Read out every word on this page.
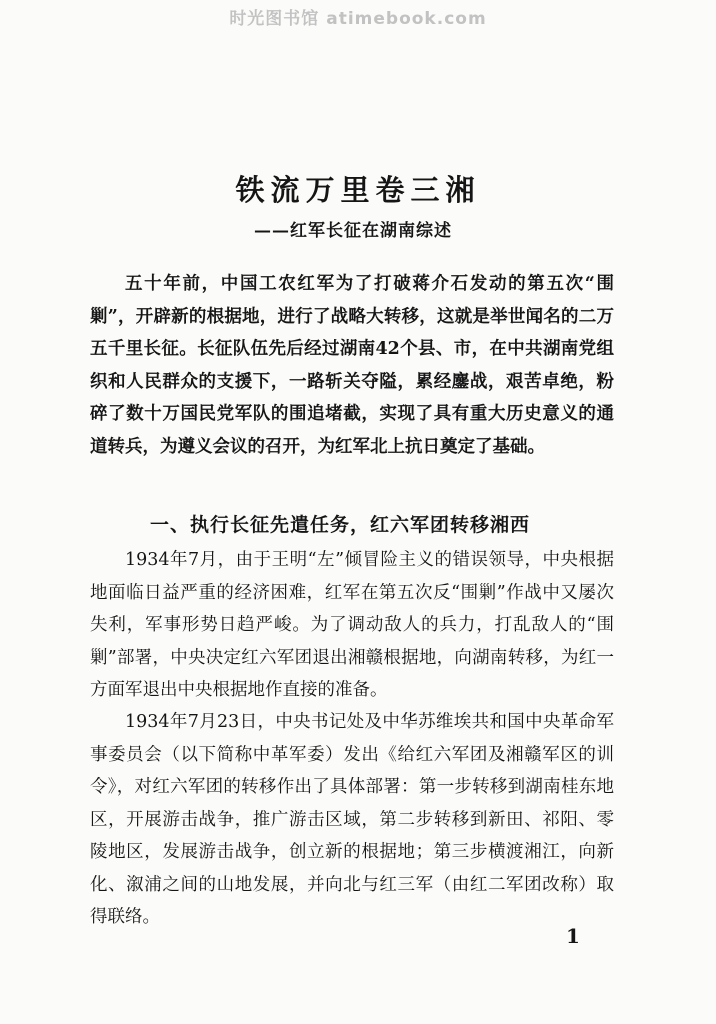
时光图书馆 atimebook.com
铁流万里卷三湘
——红军长征在湖南综述

五十年前，中国工农红军为了打破蒋介石发动的第五次“围剿”，开辟新的根据地，进行了战略大转移，这就是举世闻名的二万五千里长征。长征队伍先后经过湖南42个县、市，在中共湖南党组织和人民群众的支援下，一路斩关夺隘，累经鏖战，艰苦卓绝，粉碎了数十万国民党军队的围追堵截，实现了具有重大历史意义的通道转兵，为遵义会议的召开，为红军北上抗日奠定了基础。

一、执行长征先遣任务，红六军团转移湘西

1934年7月，由于王明“左”倾冒险主义的错误领导，中央根据地面临日益严重的经济困难，红军在第五次反“围剿”作战中又屡次失利，军事形势日趋严峻。为了调动敌人的兵力，打乱敌人的“围剿”部署，中央决定红六军团退出湘赣根据地，向湖南转移，为红一方面军退出中央根据地作直接的准备。

1934年7月23日，中央书记处及中华苏维埃共和国中央革命军事委员会（以下简称中革军委）发出《给红六军团及湘赣军区的训令》，对红六军团的转移作出了具体部署：第一步转移到湖南桂东地区，开展游击战争，推广游击区域，第二步转移到新田、祁阳、零陵地区，发展游击战争，创立新的根据地；第三步横渡湘江，向新化、溆浦之间的山地发展，并向北与红三军（由红二军团改称）取得联络。

1
